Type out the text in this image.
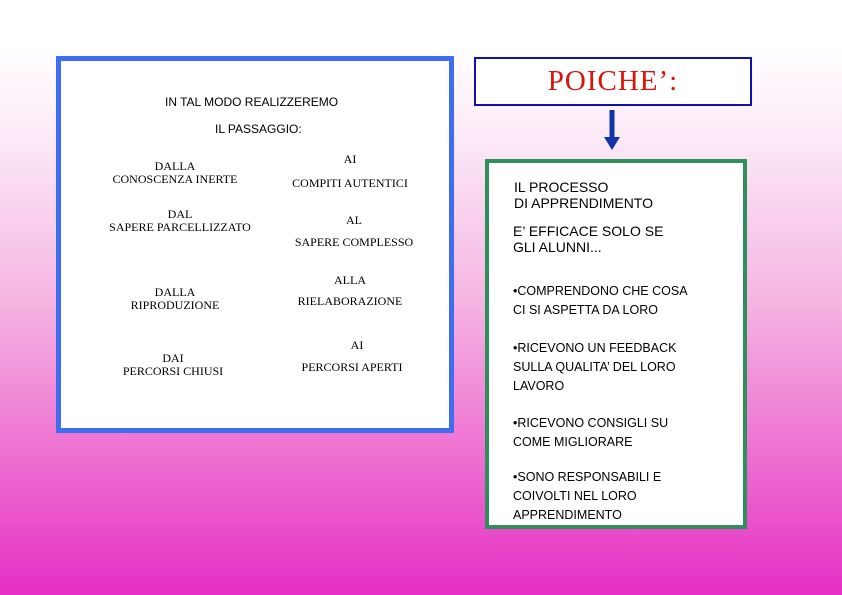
IN TAL MODO REALIZZEREMO
IL PASSAGGIO:
DALLA
CONOSCENZA INERTE
AI
COMPITI AUTENTICI
DAL
SAPERE PARCELLIZZATO	AL
SAPERE COMPLESSO
DALLA
RIPRODUZIONE
ALLA
RIELABORAZIONE
DAI
PERCORSI CHIUSI
AI
PERCORSI APERTI
POICHE’:
IL PROCESSO
DI APPRENDIMENTO
E’ EFFICACE SOLO SE
GLI ALUNNI...
•COMPRENDONO CHE COSA
CI SI ASPETTA DA LORO
•RICEVONO UN FEEDBACK
SULLA QUALITA’ DEL LORO
LAVORO
•RICEVONO CONSIGLI SU
COME MIGLIORARE
•SONO RESPONSABILI E
COIVOLTI NEL LORO
APPRENDIMENTO
